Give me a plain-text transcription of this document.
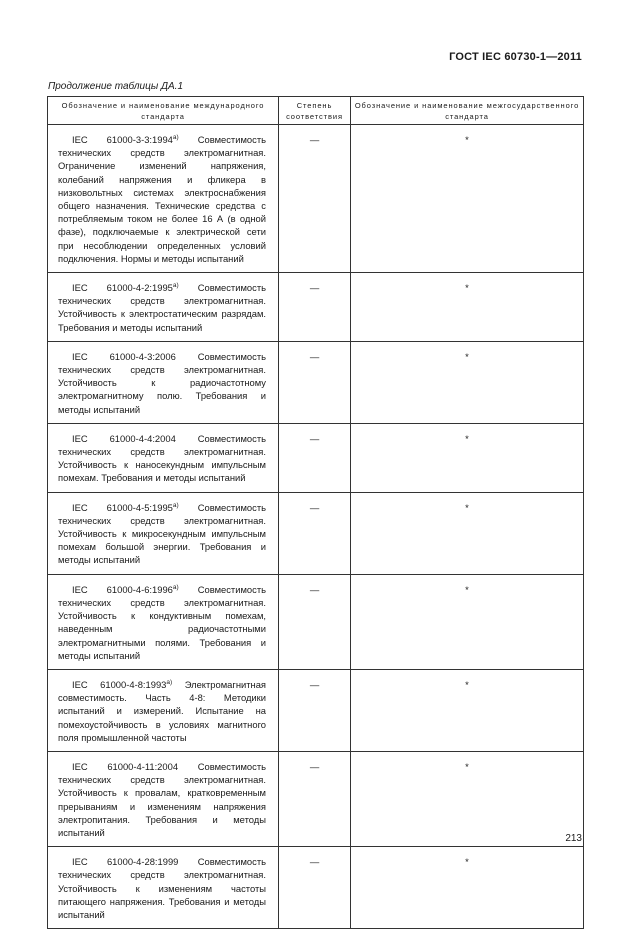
ГОСТ IEC 60730-1—2011
Продолжение таблицы ДА.1
Обозначение и наименование международного стандарта	Степень соответствия	Обозначение и наименование межгосударственного стандарта

IEC 61000-3-3:1994$^{a)}$ Совместимость технических средств электромагнитная. Ограничение изменений напряжения, колебаний напряжения и фликера в низковольтных системах электроснабжения общего назначения. Технические средства с потребляемым током не более 16 А (в одной фазе), подключаемые к электрической сети при несоблюдении определенных условий подключения. Нормы и методы испытаний	—	*

IEC 61000-4-2:1995$^{a)}$ Совместимость технических средств электромагнитная. Устойчивость к электростатическим разрядам. Требования и методы испытаний	—	*

IEC 61000-4-3:2006 Совместимость технических средств электромагнитная. Устойчивость к радиочастотному электромагнитному полю. Требования и методы испытаний	—	*

IEC 61000-4-4:2004 Совместимость технических средств электромагнитная. Устойчивость к наносекундным импульсным помехам. Требования и методы испытаний	—	*

IEC 61000-4-5:1995$^{a)}$ Совместимость технических средств электромагнитная. Устойчивость к микросекундным импульсным помехам большой энергии. Требования и методы испытаний	—	*

IEC 61000-4-6:1996$^{a)}$ Совместимость технических средств электромагнитная. Устойчивость к кондуктивным помехам, наведенным радиочастотными электромагнитными полями. Требования и методы испытаний	—	*

IEC 61000-4-8:1993$^{a)}$ Электромагнитная совместимость. Часть 4-8: Методики испытаний и измерений. Испытание на помехоустойчивость в условиях магнитного поля промышленной частоты	—	*

IEC 61000-4-11:2004 Совместимость технических средств электромагнитная. Устойчивость к провалам, кратковременным прерываниям и изменениям напряжения электропитания. Требования и методы испытаний	—	*

IEC 61000-4-28:1999 Совместимость технических средств электромагнитная. Устойчивость к изменениям частоты питающего напряжения. Требования и методы испытаний	—	*
213
